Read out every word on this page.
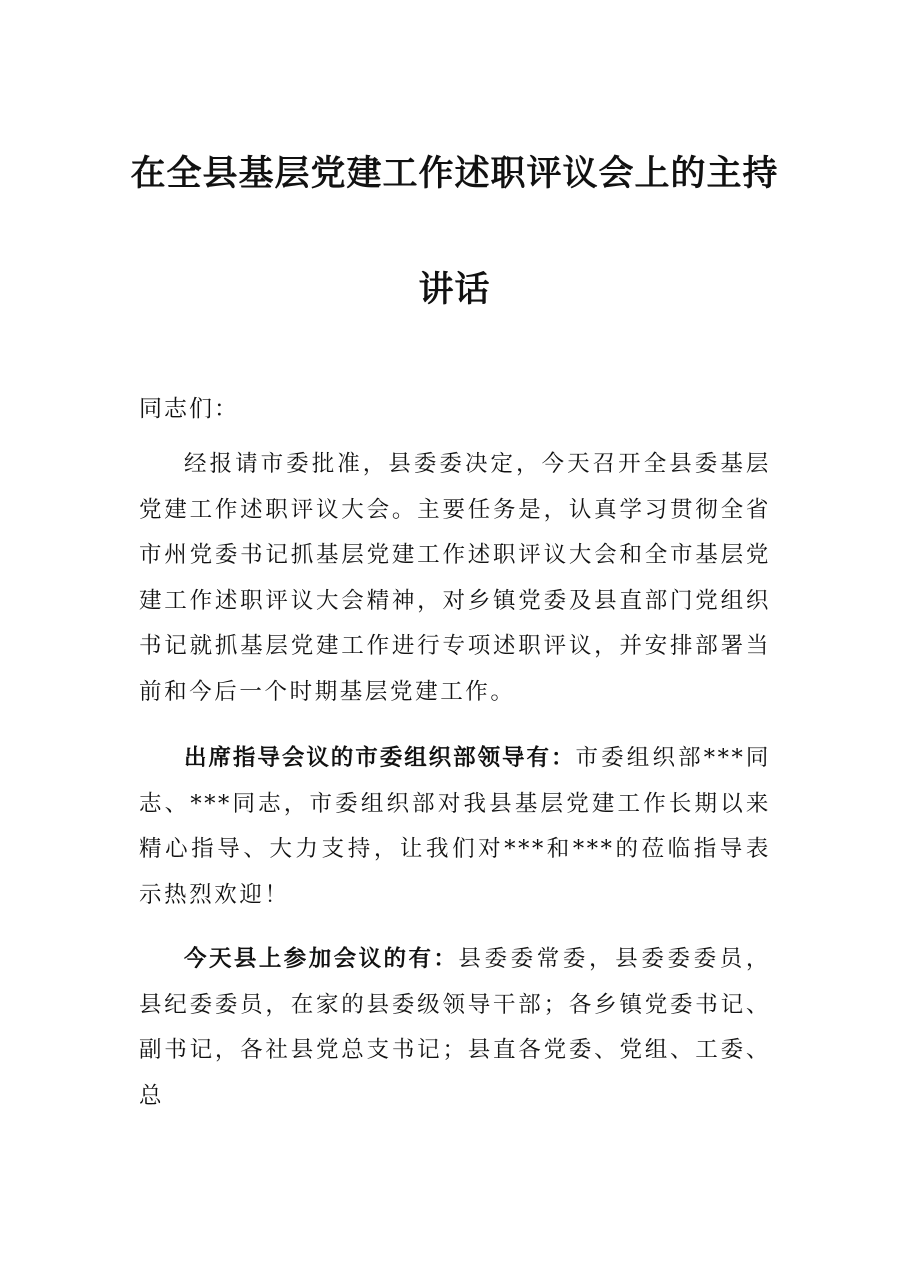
在全县基层党建工作述职评议会上的主持
讲话
同志们：

经报请市委批准，县委委决定，今天召开全县委基层党建工作述职评议大会。主要任务是，认真学习贯彻全省市州党委书记抓基层党建工作述职评议大会和全市基层党建工作述职评议大会精神，对乡镇党委及县直部门党组织书记就抓基层党建工作进行专项述职评议，并安排部署当前和今后一个时期基层党建工作。

出席指导会议的市委组织部领导有：市委组织部***同志、***同志，市委组织部对我县基层党建工作长期以来精心指导、大力支持，让我们对***和***的莅临指导表示热烈欢迎！

今天县上参加会议的有：县委委常委，县委委委员，县纪委委员，在家的县委级领导干部；各乡镇党委书记、副书记，各社县党总支书记；县直各党委、党组、工委、总
